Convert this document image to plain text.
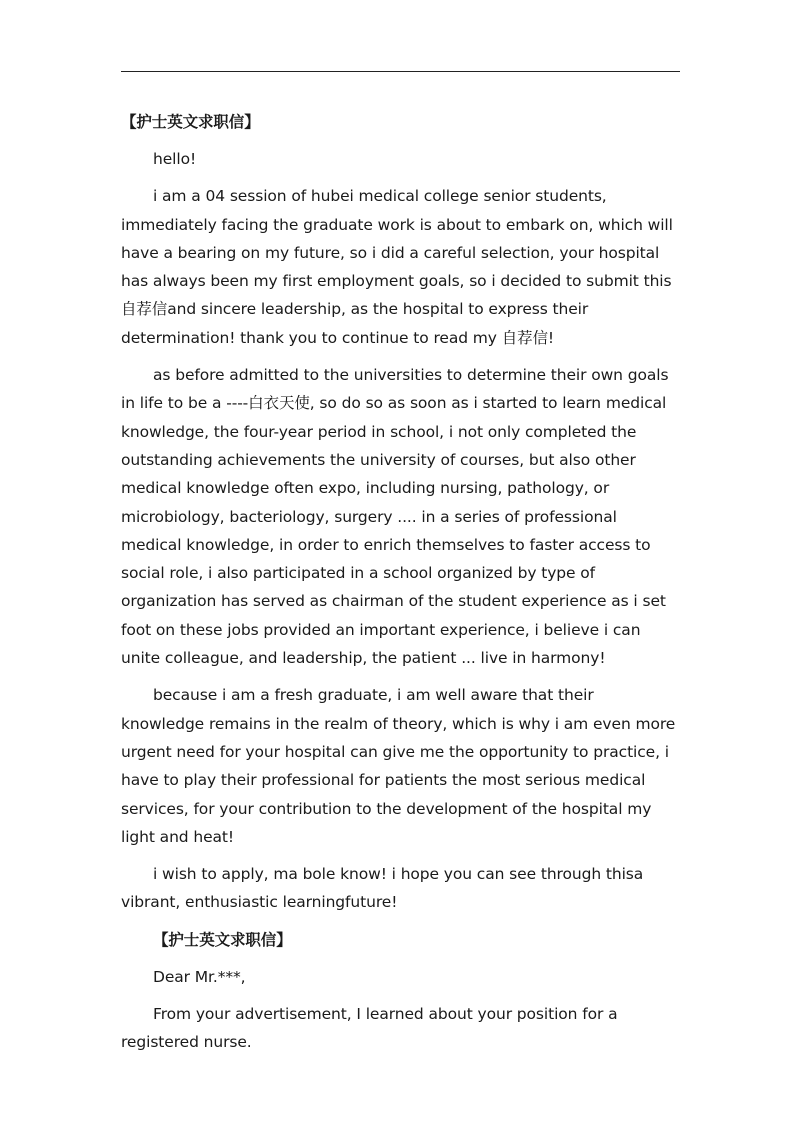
【护士英文求职信】

hello!

i am a 04 session of hubei medical college senior students, immediately facing the graduate work is about to embark on, which will have a bearing on my future, so i did a careful selection, your hospital has always been my first employment goals, so i decided to submit this自荐信and sincere leadership, as the hospital to express their determination! thank you to continue to read my 自荐信!

as before admitted to the universities to determine their own goals in life to be a ----白衣天使, so do so as soon as i started to learn medical knowledge, the four-year period in school, i not only completed the outstanding achievements the university of courses, but also other medical knowledge often expo, including nursing, pathology, or microbiology, bacteriology, surgery .... in a series of professional medical knowledge, in order to enrich themselves to faster access to social role, i also participated in a school organized by type of organization has served as chairman of the student experience as i set foot on these jobs provided an important experience, i believe i can unite colleague, and leadership, the patient ... live in harmony!

because i am a fresh graduate, i am well aware that their knowledge remains in the realm of theory, which is why i am even more urgent need for your hospital can give me the opportunity to practice, i have to play their professional for patients the most serious medical services, for your contribution to the development of the hospital my light and heat!

i wish to apply, ma bole know! i hope you can see through thisa vibrant, enthusiastic learningfuture!

【护士英文求职信】

Dear Mr.***,

From your advertisement, I learned about your position for a registered nurse.
